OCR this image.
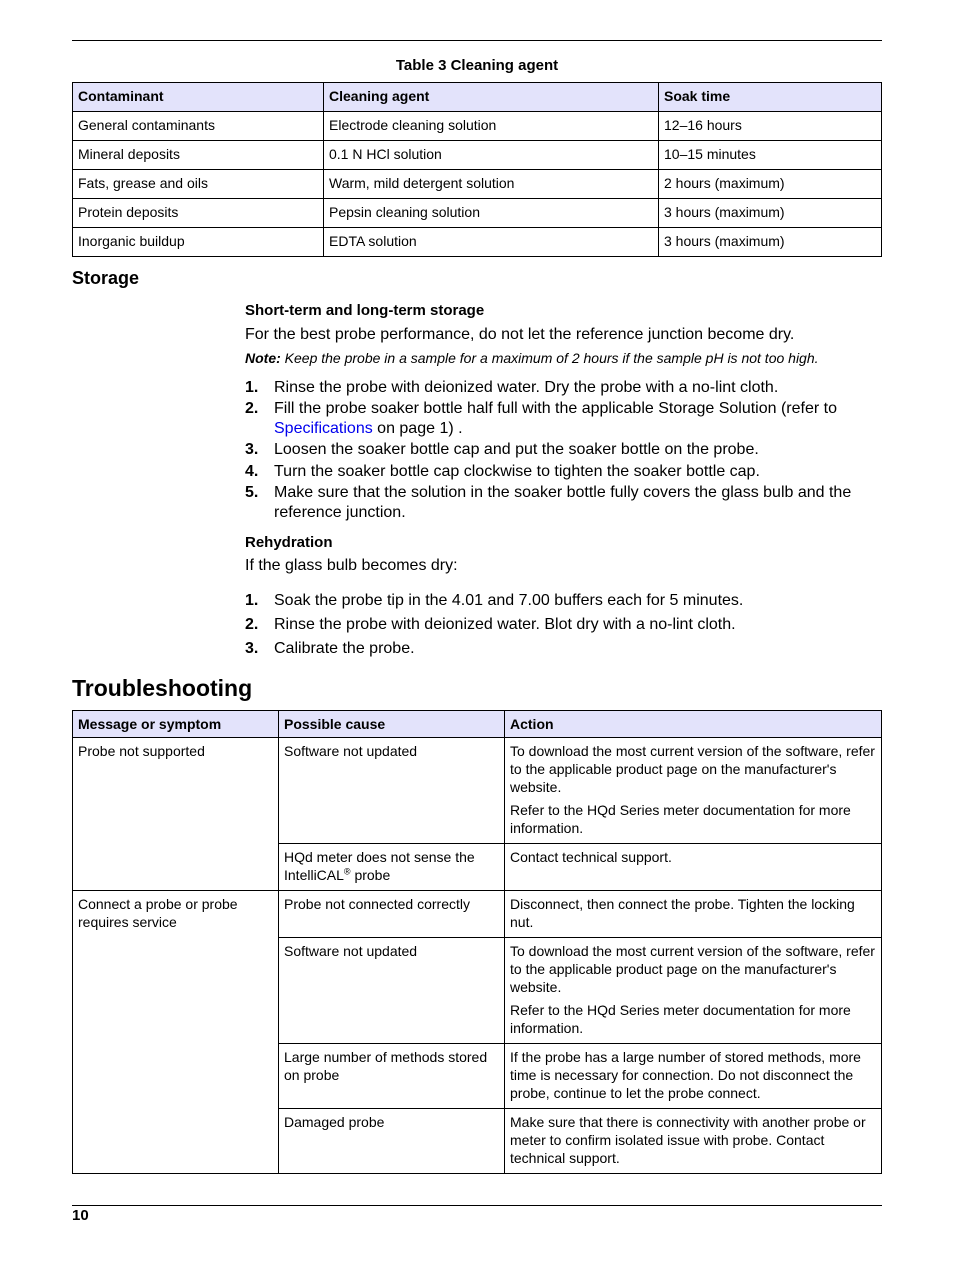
Table 3 Cleaning agent
Contaminant	Cleaning agent	Soak time
General contaminants	Electrode cleaning solution	12–16 hours
Mineral deposits	0.1 N HCl solution	10–15 minutes
Fats, grease and oils	Warm, mild detergent solution	2 hours (maximum)
Protein deposits	Pepsin cleaning solution	3 hours (maximum)
Inorganic buildup	EDTA solution	3 hours (maximum)
Storage
Short-term and long-term storage
For the best probe performance, do not let the reference junction become dry.
Note: Keep the probe in a sample for a maximum of 2 hours if the sample pH is not too high.
1. Rinse the probe with deionized water. Dry the probe with a no-lint cloth.
2. Fill the probe soaker bottle half full with the applicable Storage Solution (refer to Specifications on page 1) .
3. Loosen the soaker bottle cap and put the soaker bottle on the probe.
4. Turn the soaker bottle cap clockwise to tighten the soaker bottle cap.
5. Make sure that the solution in the soaker bottle fully covers the glass bulb and the reference junction.
Rehydration
If the glass bulb becomes dry:
1. Soak the probe tip in the 4.01 and 7.00 buffers each for 5 minutes.
2. Rinse the probe with deionized water. Blot dry with a no-lint cloth.
3. Calibrate the probe.
Troubleshooting
Message or symptom	Possible cause	Action
Probe not supported	Software not updated	To download the most current version of the software, refer to the applicable product page on the manufacturer's website.

Refer to the HQd Series meter documentation for more information.

	HQd meter does not sense the IntelliCAL® probe	Contact technical support.
Connect a probe or probe requires service	Probe not connected correctly	Disconnect, then connect the probe. Tighten the locking nut.
	Software not updated	To download the most current version of the software, refer to the applicable product page on the manufacturer's website.

Refer to the HQd Series meter documentation for more information.

	Large number of methods stored on probe	If the probe has a large number of stored methods, more time is necessary for connection. Do not disconnect the probe, continue to let the probe connect.
	Damaged probe	Make sure that there is connectivity with another probe or meter to confirm isolated issue with probe. Contact technical support.
10
